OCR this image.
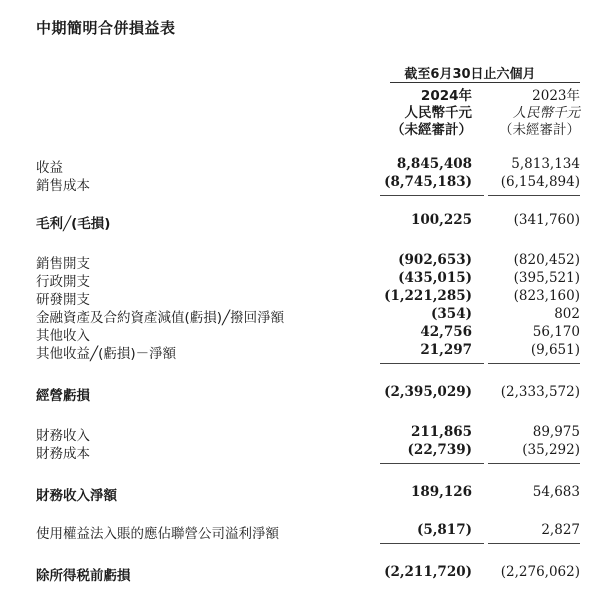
中期簡明合併損益表
截至6月30日止六個月
2024年	2023年
人民幣千元	人民幣千元
（未經審計） （未經審計）
收益	8,845,408	5,813,134
銷售成本	(8,745,183) (6,154,894)
毛利╱(毛損)	100,225	(341,760)
銷售開支	(902,653)	(820,452)
行政開支	(435,015)	(395,521)
研發開支	(1,221,285)	(823,160)
金融資產及合約資產減值(虧損)╱撥回淨額	(354)	802
其他收入	42,756	56,170
其他收益╱(虧損)－淨額	21,297	(9,651)
經營虧損	(2,395,029) (2,333,572)
財務收入	211,865	89,975
財務成本	(22,739)	(35,292)
財務收入淨額	189,126	54,683
使用權益法入賬的應佔聯營公司溢利淨額	(5,817)	2,827
除所得税前虧損	(2,211,720) (2,276,062)
